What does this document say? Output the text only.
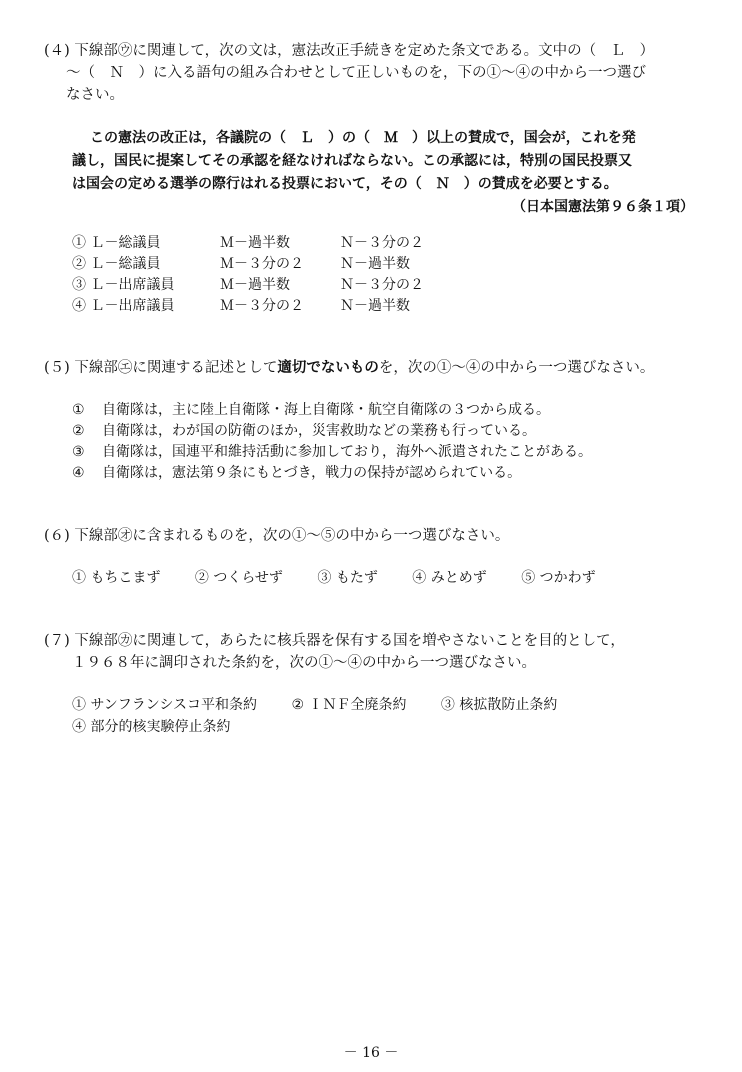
(４) 下線部㋒に関連して，次の文は，憲法改正手続きを定めた条文である。文中の（　Ｌ　）
～（　Ｎ　）に入る語句の組み合わせとして正しいものを，下の①～④の中から一つ選び
なさい。
この憲法の改正は，各議院の（　Ｌ　）の（　Ｍ　）以上の賛成で，国会が，これを発
議し，国民に提案してその承認を経なければならない。この承認には，特別の国民投票又
は国会の定める選挙の際行はれる投票において，その（　Ｎ　）の賛成を必要とする。
（日本国憲法第９６条１項）
① Ｌ－総議員	Ｍ－過半数	Ｎ－３分の２
② Ｌ－総議員	Ｍ－３分の２	Ｎ－過半数
③ Ｌ－出席議員	Ｍ－過半数	Ｎ－３分の２
④ Ｌ－出席議員	Ｍ－３分の２	Ｎ－過半数
(５) 下線部㋓に関連する記述として適切でないものを，次の①～④の中から一つ選びなさい。
① 自衛隊は，主に陸上自衛隊・海上自衛隊・航空自衛隊の３つから成る。
② 自衛隊は，わが国の防衛のほか，災害救助などの業務も行っている。
③ 自衛隊は，国連平和維持活動に参加しており，海外へ派遣されたことがある。
④ 自衛隊は，憲法第９条にもとづき，戦力の保持が認められている。
(６) 下線部㋔に含まれるものを，次の①～⑤の中から一つ選びなさい。
① もちこまず ② つくらせず ③ もたず ④ みとめず ⑤ つかわず
(７) 下線部㋕に関連して，あらたに核兵器を保有する国を増やさないことを目的として，
１９６８年に調印された条約を，次の①～④の中から一つ選びなさい。
① サンフランシスコ平和条約 ② ＩＮＦ全廃条約 ③ 核拡散防止条約
④ 部分的核実験停止条約
－ 16 －
